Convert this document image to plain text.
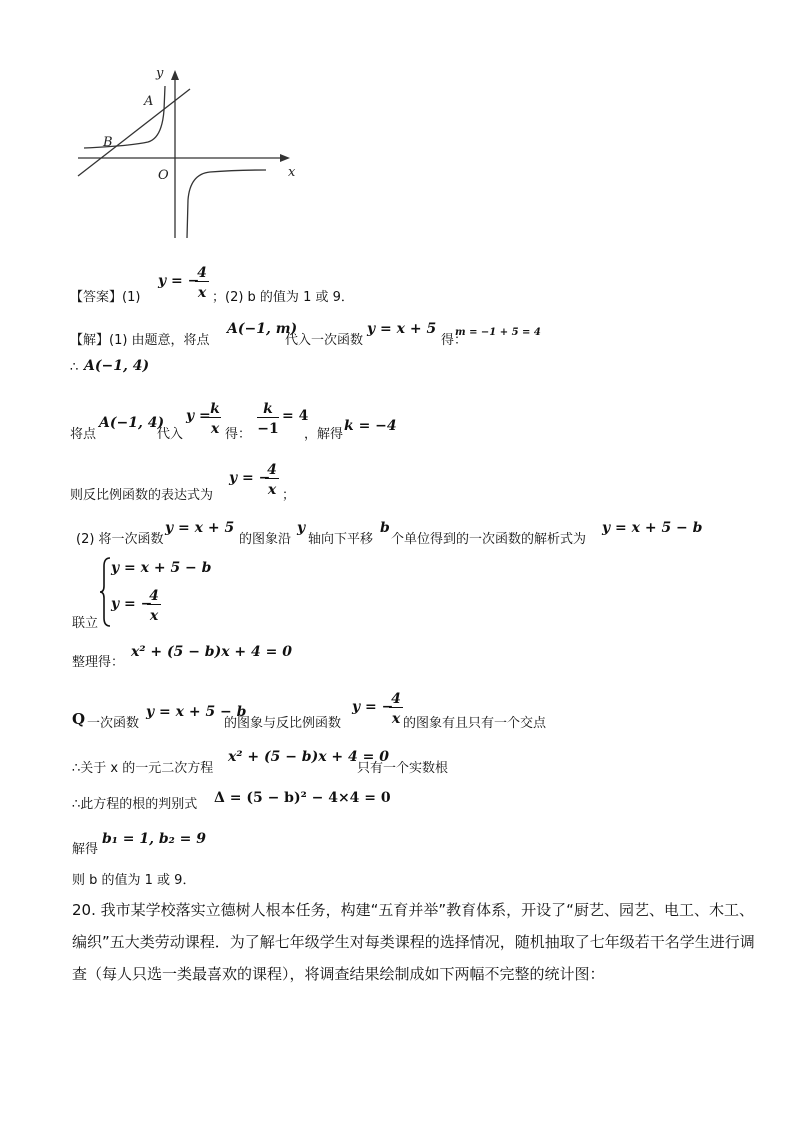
y
x
O
A
B
【答案】(1)
y = −
4
x ；(2) b 的值为 1 或 9．
【解】(1) 由题意，将点
A(−1, m)
代入一次函数
y = x + 5
得：
m = −1 + 5 = 4
∴ A(−1, 4)
将点
A(−1, 4)
代入
y = k
x 得：
k
−1
= 4
，解得
k = −4
则反比例函数的表达式为
y = −
4
x ；
(2) 将一次函数
y = x + 5
的图象沿
y
轴向下平移
b
个单位得到的一次函数的解析式为
y = x + 5 − b
联立
y = x + 5 − b
y = −
4
x
整理得：
x² + (5 − b)x + 4 = 0
Q 一次函数
y = x + 5 − b
的图象与反比例函数
y = −
4
x 的图象有且只有一个交点
∴关于 x 的一元二次方程
x² + (5 − b)x + 4 = 0
只有一个实数根
∴此方程的根的判别式 Δ = (5 − b)² − 4×4 = 0
解得
b₁ = 1, b₂ = 9
则 b 的值为 1 或 9．
20. 我市某学校落实立德树人根本任务，构建“五育并举”教育体系，开设了“厨艺、园艺、电工、木工、
编织”五大类劳动课程．为了解七年级学生对每类课程的选择情况，随机抽取了七年级若干名学生进行调
查（每人只选一类最喜欢的课程），将调查结果绘制成如下两幅不完整的统计图：
